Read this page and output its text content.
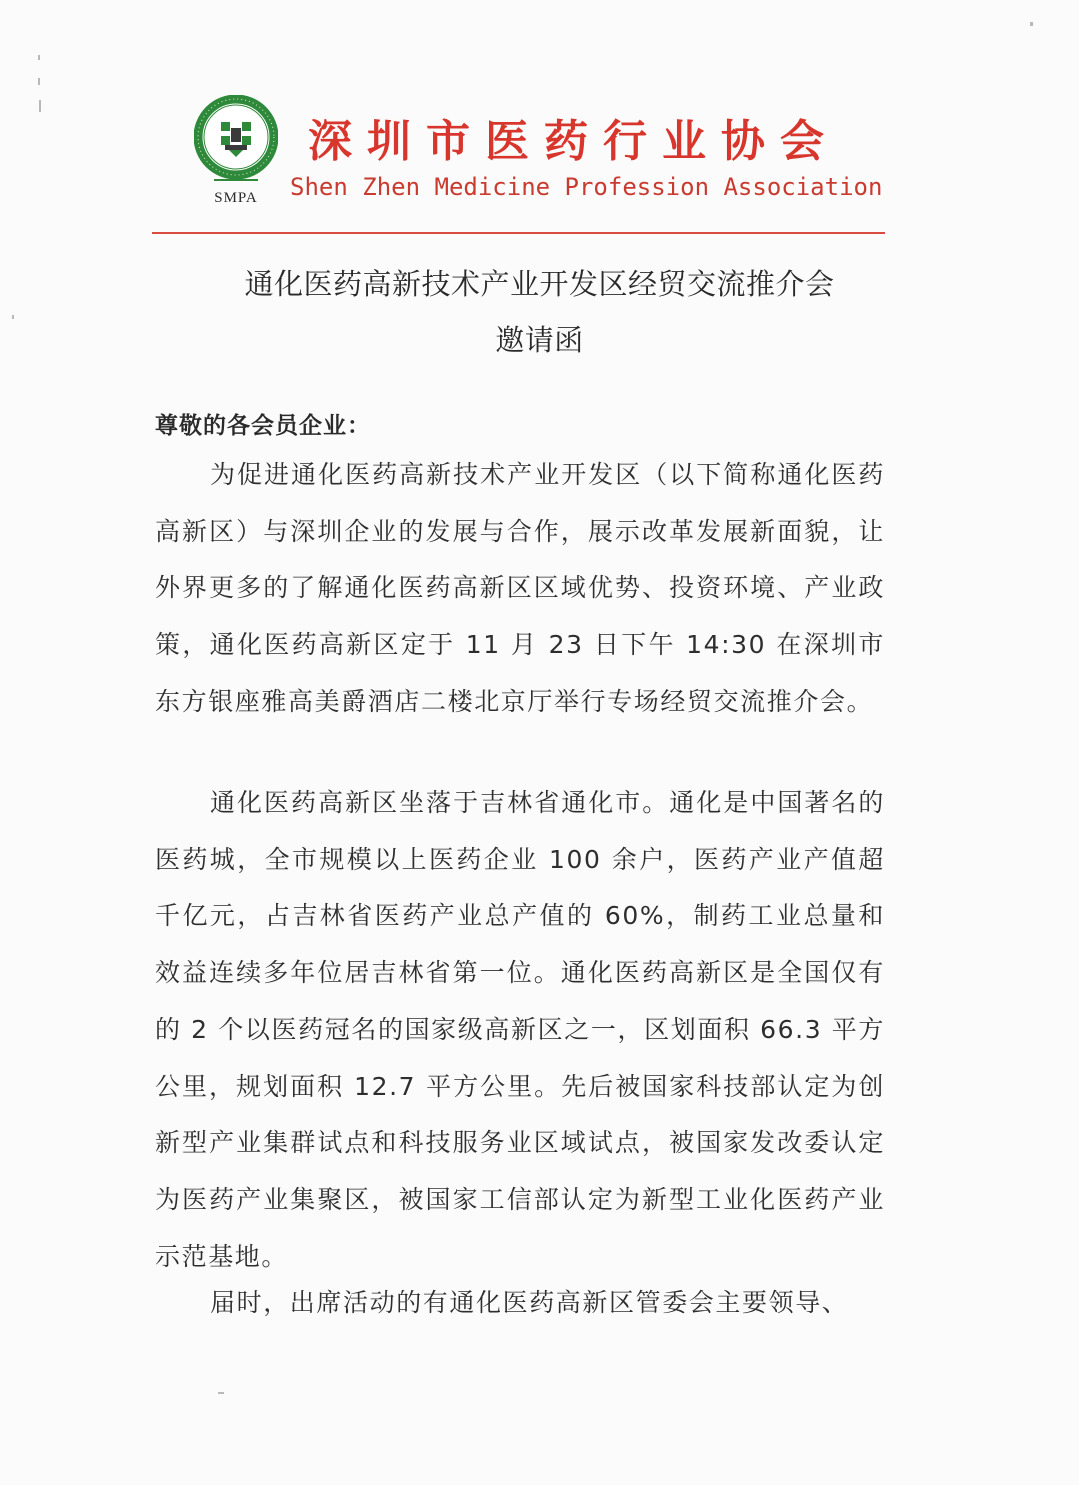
SMPA
深圳市医药行业协会
Shen Zhen Medicine Profession Association
通化医药高新技术产业开发区经贸交流推介会
邀请函
尊敬的各会员企业：
为促进通化医药高新技术产业开发区（以下简称通化医药高新区）与深圳企业的发展与合作，展示改革发展新面貌，让外界更多的了解通化医药高新区区域优势、投资环境、产业政策，通化医药高新区定于 11 月 23 日下午 14:30 在深圳市东方银座雅高美爵酒店二楼北京厅举行专场经贸交流推介会。
通化医药高新区坐落于吉林省通化市。通化是中国著名的医药城，全市规模以上医药企业 100 余户，医药产业产值超千亿元，占吉林省医药产业总产值的 60%，制药工业总量和效益连续多年位居吉林省第一位。通化医药高新区是全国仅有的 2 个以医药冠名的国家级高新区之一，区划面积 66.3 平方公里，规划面积 12.7 平方公里。先后被国家科技部认定为创新型产业集群试点和科技服务业区域试点，被国家发改委认定为医药产业集聚区，被国家工信部认定为新型工业化医药产业示范基地。
届时，出席活动的有通化医药高新区管委会主要领导、
